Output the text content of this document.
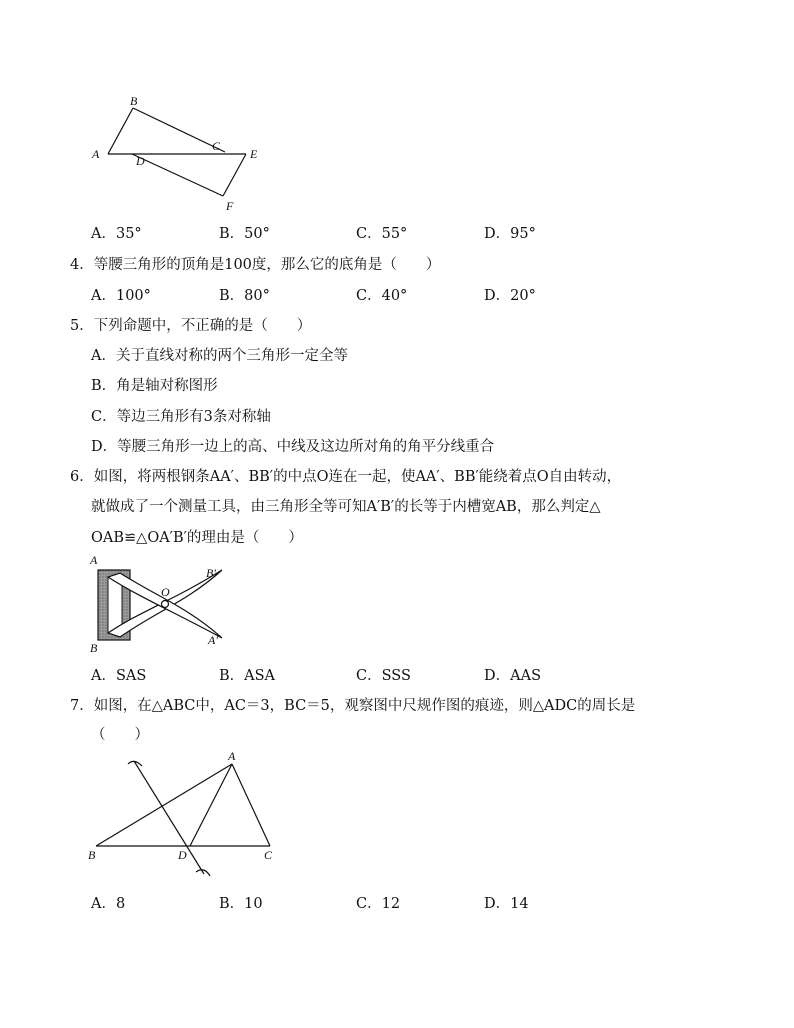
B
A	D
C
E
F
A．35°	B．50°	C．55°	D．95°
4．等腰三角形的顶角是100度，那么它的底角是（　　）
A．100°	B．80°	C．40°	D．20°
5．下列命题中，不正确的是（　　）
A．关于直线对称的两个三角形一定全等
B．角是轴对称图形
C．等边三角形有3条对称轴
D．等腰三角形一边上的高、中线及这边所对角的角平分线重合
6．如图，将两根钢条AA′、BB′的中点O连在一起，使AA′、BB′能绕着点O自由转动，
就做成了一个测量工具，由三角形全等可知A′B′的长等于内槽宽AB，那么判定△
OAB≌△OA′B′的理由是（　　）
A
B
O
B′
A′
A．SAS	B．ASA	C．SSS	D．AAS
7．如图，在△ABC中，AC＝3，BC＝5，观察图中尺规作图的痕迹，则△ADC的周长是
（　　）
A
B	D	C
A．8	B．10	C．12	D．14
